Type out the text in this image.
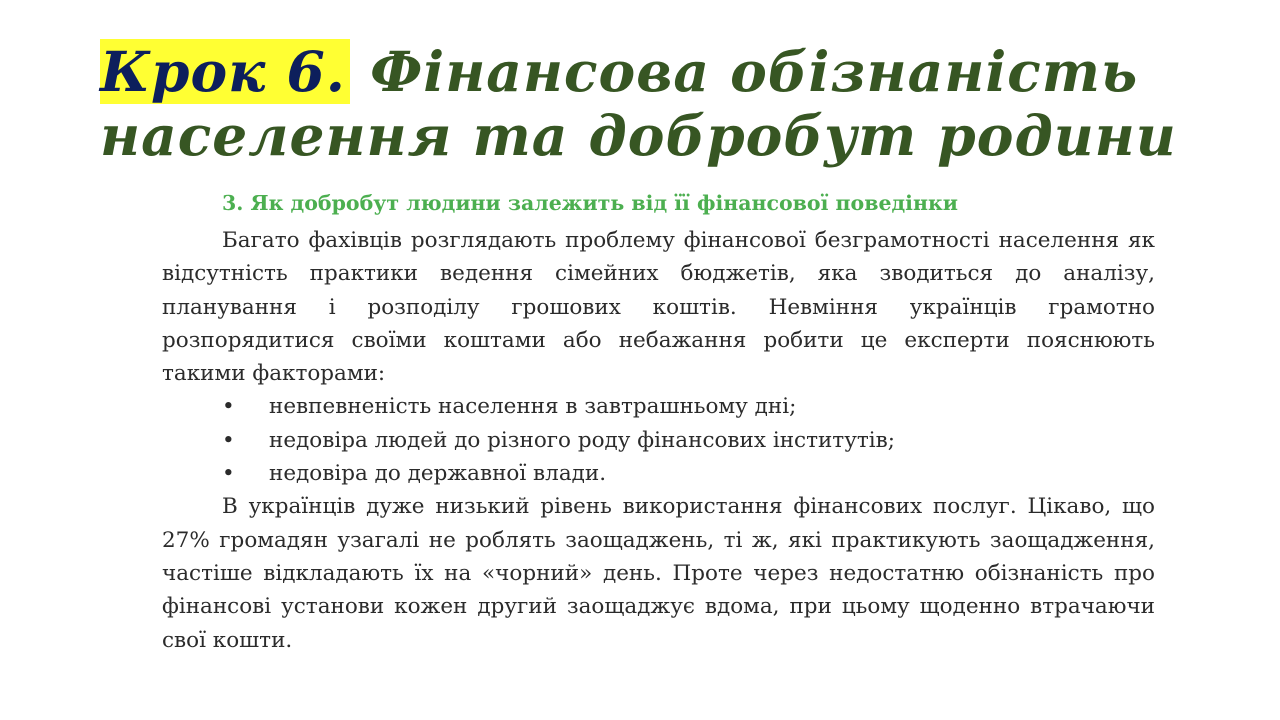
Крок 6. Фінансова обізнаність населення та добробут родини
3. Як добробут людини залежить від її фінансової поведінки

Багато фахівців розглядають проблему фінансової безграмотності населення як відсутність практики ведення сімейних бюджетів, яка зводиться до аналізу, планування і розподілу грошових коштів. Невміння українців грамотно розпорядитися своїми коштами або небажання робити це експерти пояснюють такими факторами:

• невпевненість населення в завтрашньому дні;
• недовіра людей до різного роду фінансових інститутів;
• недовіра до державної влади.

В українців дуже низький рівень використання фінансових послуг. Цікаво, що 27% громадян узагалі не роблять заощаджень, ті ж, які практикують заощадження, частіше відкладають їх на «чорний» день. Проте через недостатню обізнаність про фінансові установи кожен другий заощаджує вдома, при цьому щоденно втрачаючи свої кошти.
